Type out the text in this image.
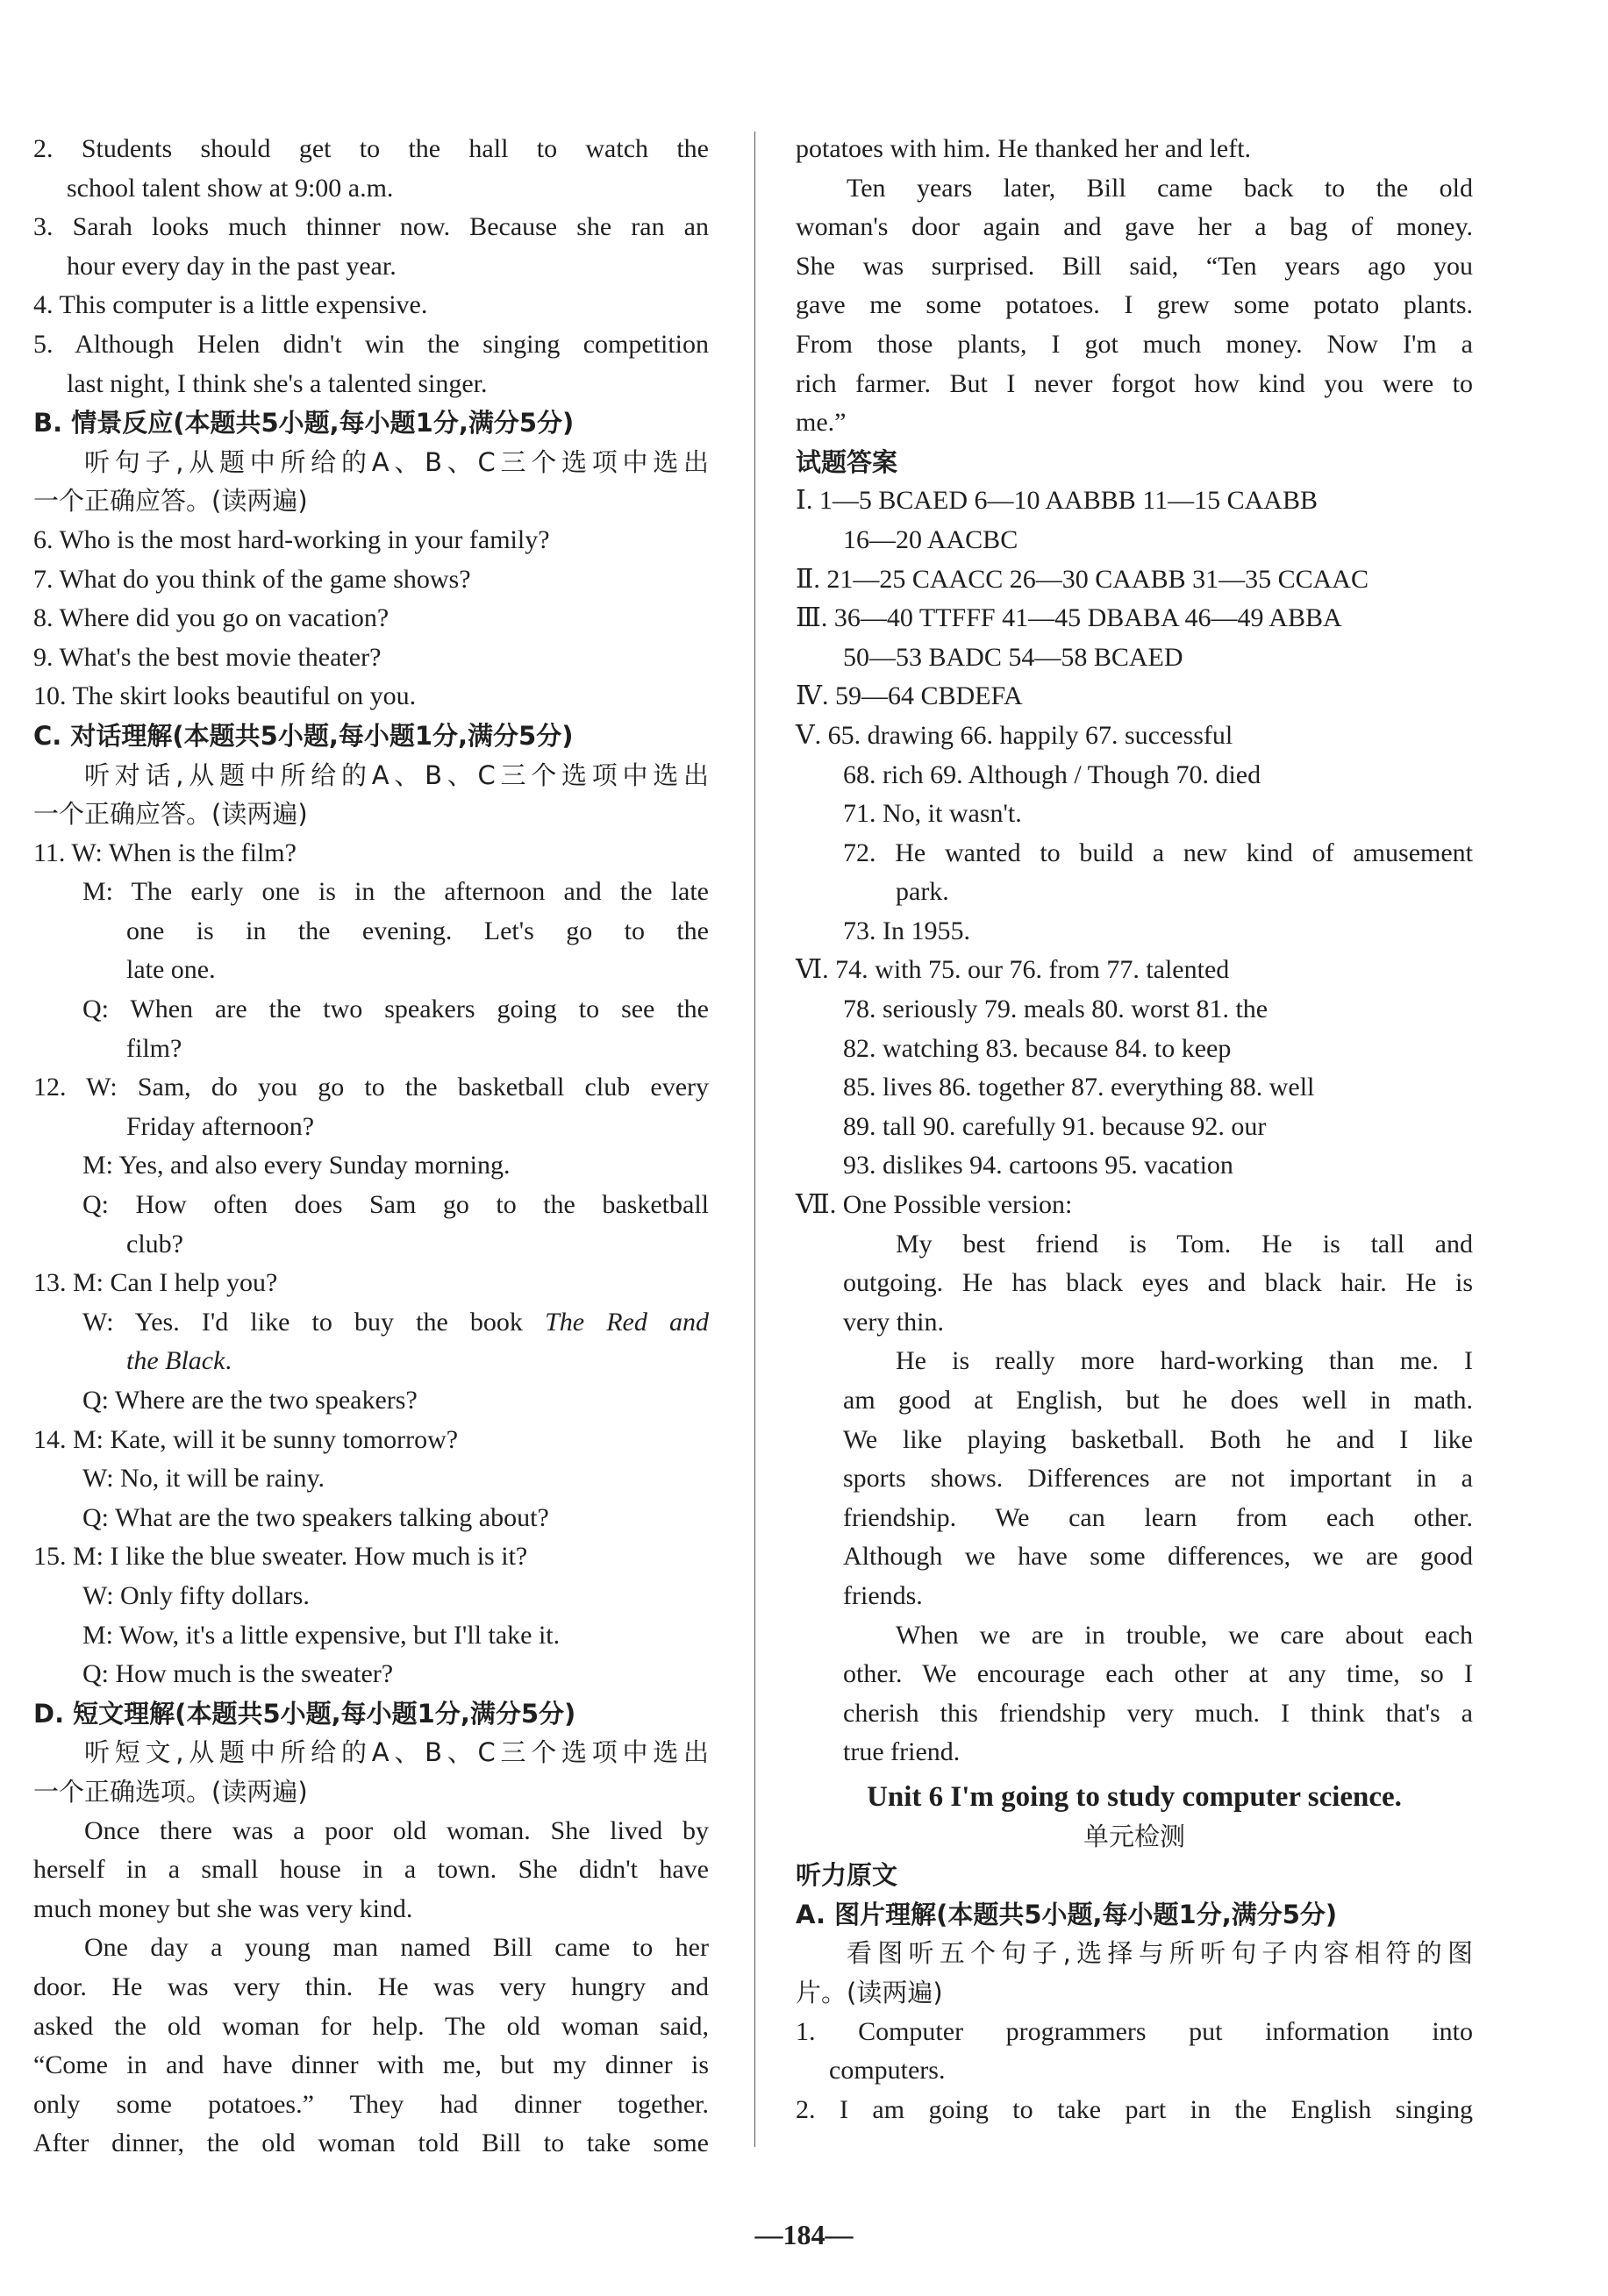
2. Students should get to the hall to watch the
school talent show at 9:00 a.m.
3. Sarah looks much thinner now. Because she ran an
hour every day in the past year.
4. This computer is a little expensive.
5. Although Helen didn't win the singing competition
last night, I think she's a talented singer.
B. 情景反应(本题共5小题,每小题1分,满分5分)
听句子,从题中所给的A、B、C三个选项中选出
一个正确应答。(读两遍)
6. Who is the most hard-working in your family?
7. What do you think of the game shows?
8. Where did you go on vacation?
9. What's the best movie theater?
10. The skirt looks beautiful on you.
C. 对话理解(本题共5小题,每小题1分,满分5分)
听对话,从题中所给的A、B、C三个选项中选出
一个正确应答。(读两遍)
11. W: When is the film?
M: The early one is in the afternoon and the late
one is in the evening. Let's go to the
late one.
Q: When are the two speakers going to see the
film?
12. W: Sam, do you go to the basketball club every
Friday afternoon?
M: Yes, and also every Sunday morning.
Q: How often does Sam go to the basketball
club?
13. M: Can I help you?
W: Yes. I'd like to buy the book The Red and
the Black.
Q: Where are the two speakers?
14. M: Kate, will it be sunny tomorrow?
W: No, it will be rainy.
Q: What are the two speakers talking about?
15. M: I like the blue sweater. How much is it?
W: Only fifty dollars.
M: Wow, it's a little expensive, but I'll take it.
Q: How much is the sweater?
D. 短文理解(本题共5小题,每小题1分,满分5分)
听短文,从题中所给的A、B、C三个选项中选出
一个正确选项。(读两遍)
Once there was a poor old woman. She lived by
herself in a small house in a town. She didn't have
much money but she was very kind.
One day a young man named Bill came to her
door. He was very thin. He was very hungry and
asked the old woman for help. The old woman said,
“Come in and have dinner with me, but my dinner is
only some potatoes.” They had dinner together.
After dinner, the old woman told Bill to take some
potatoes with him. He thanked her and left.
Ten years later, Bill came back to the old
woman's door again and gave her a bag of money.
She was surprised. Bill said, “Ten years ago you
gave me some potatoes. I grew some potato plants.
From those plants, I got much money. Now I'm a
rich farmer. But I never forgot how kind you were to
me.”
试题答案
Ⅰ. 1—5 BCAED 6—10 AABBB 11—15 CAABB
16—20 AACBC
Ⅱ. 21—25 CAACC 26—30 CAABB 31—35 CCAAC
Ⅲ. 36—40 TTFFF 41—45 DBABA 46—49 ABBA
50—53 BADC 54—58 BCAED
Ⅳ. 59—64 CBDEFA
Ⅴ. 65. drawing 66. happily 67. successful
68. rich 69. Although / Though 70. died
71. No, it wasn't.
72. He wanted to build a new kind of amusement
park.
73. In 1955.
Ⅵ. 74. with 75. our 76. from 77. talented
78. seriously 79. meals 80. worst 81. the
82. watching 83. because 84. to keep
85. lives 86. together 87. everything 88. well
89. tall 90. carefully 91. because 92. our
93. dislikes 94. cartoons 95. vacation
Ⅶ. One Possible version:
My best friend is Tom. He is tall and
outgoing. He has black eyes and black hair. He is
very thin.
He is really more hard-working than me. I
am good at English, but he does well in math.
We like playing basketball. Both he and I like
sports shows. Differences are not important in a
friendship. We can learn from each other.
Although we have some differences, we are good
friends.
When we are in trouble, we care about each
other. We encourage each other at any time, so I
cherish this friendship very much. I think that's a
true friend.
Unit 6 I'm going to study computer science.
单元检测
听力原文
A. 图片理解(本题共5小题,每小题1分,满分5分)
看图听五个句子,选择与所听句子内容相符的图
片。(读两遍)
1. Computer programmers put information into
computers.
2. I am going to take part in the English singing
—184—
